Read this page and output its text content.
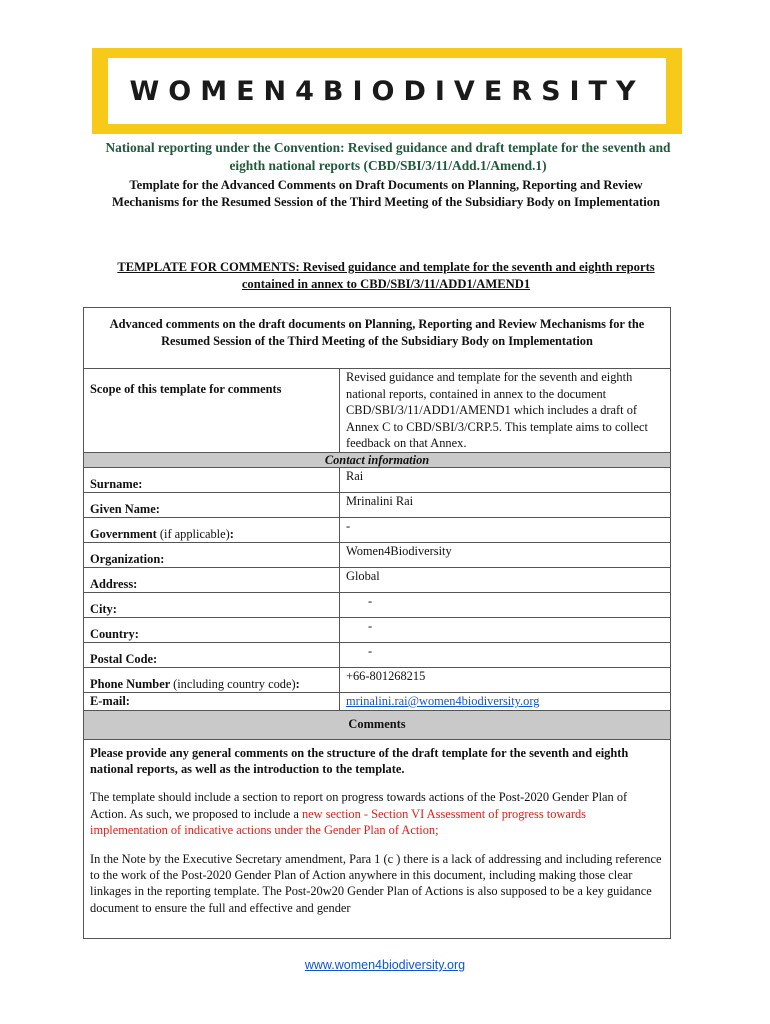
WOMEN4BIODIVERSITY
National reporting under the Convention: Revised guidance and draft template for the seventh and eighth national reports (CBD/SBI/3/11/Add.1/Amend.1)
Template for the Advanced Comments on Draft Documents on Planning, Reporting and Review Mechanisms for the Resumed Session of the Third Meeting of the Subsidiary Body on Implementation
TEMPLATE FOR COMMENTS: Revised guidance and template for the seventh and eighth reports contained in annex to CBD/SBI/3/11/ADD1/AMEND1
Advanced comments on the draft documents on Planning, Reporting and Review Mechanisms for the Resumed Session of the Third Meeting of the Subsidiary Body on Implementation	
Scope of this template for comments	Revised guidance and template for the seventh and eighth national reports, contained in annex to the document CBD/SBI/3/11/ADD1/AMEND1 which includes a draft of Annex C to CBD/SBI/3/CRP.5. This template aims to collect feedback on that Annex.
Contact information	
Surname:	Rai
Given Name:	Mrinalini Rai
Government (if applicable):	-
Organization:	Women4Biodiversity
Address:	Global
City:	-
Country:	-
Postal Code:	-
Phone Number (including country code):	+66-801268215
E-mail:	mrinalini.rai@women4biodiversity.org
Comments	

Please provide any general comments on the structure of the draft template for the seventh and eighth national reports, as well as the introduction to the template.

The template should include a section to report on progress towards actions of the Post-2020 Gender Plan of Action. As such, we proposed to include a new section - Section VI Assessment of progress towards implementation of indicative actions under the Gender Plan of Action;

In the Note by the Executive Secretary amendment, Para 1 (c ) there is a lack of addressing and including reference to the work of the Post-2020 Gender Plan of Action anywhere in this document, including making those clear linkages in the reporting template. The Post-20w20 Gender Plan of Actions is also supposed to be a key guidance document to ensure the full and effective and gender	

www.women4biodiversity.org
